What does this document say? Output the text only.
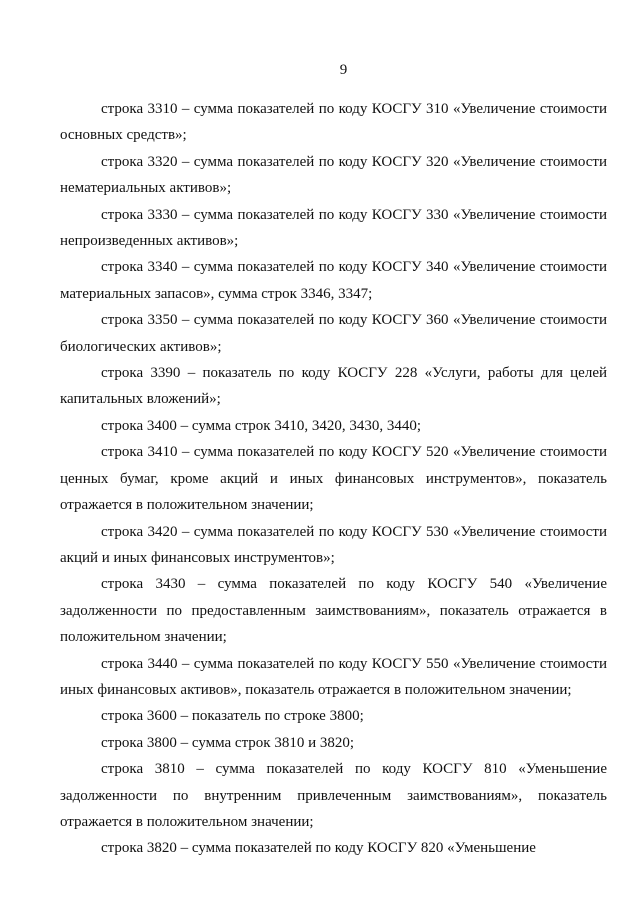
9

строка 3310 – сумма показателей по коду КОСГУ 310 «Увеличение стоимости основных средств»;

строка 3320 – сумма показателей по коду КОСГУ 320 «Увеличение стоимости нематериальных активов»;

строка 3330 – сумма показателей по коду КОСГУ 330 «Увеличение стоимости непроизведенных активов»;

строка 3340 – сумма показателей по коду КОСГУ 340 «Увеличение стоимости материальных запасов», сумма строк 3346, 3347;

строка 3350 – сумма показателей по коду КОСГУ 360 «Увеличение стоимости биологических активов»;

строка 3390 – показатель по коду КОСГУ 228 «Услуги, работы для целей капитальных вложений»;

строка 3400 – сумма строк 3410, 3420, 3430, 3440;

строка 3410 – сумма показателей по коду КОСГУ 520 «Увеличение стоимости ценных бумаг, кроме акций и иных финансовых инструментов», показатель отражается в положительном значении;

строка 3420 – сумма показателей по коду КОСГУ 530 «Увеличение стоимости акций и иных финансовых инструментов»;

строка 3430 – сумма показателей по коду КОСГУ 540 «Увеличение задолженности по предоставленным заимствованиям», показатель отражается в положительном значении;

строка 3440 – сумма показателей по коду КОСГУ 550 «Увеличение стоимости иных финансовых активов», показатель отражается в положительном значении;

строка 3600 – показатель по строке 3800;

строка 3800 – сумма строк 3810 и 3820;

строка 3810 – сумма показателей по коду КОСГУ 810 «Уменьшение задолженности по внутренним привлеченным заимствованиям», показатель отражается в положительном значении;

строка 3820 – сумма показателей по коду КОСГУ 820 «Уменьшение
